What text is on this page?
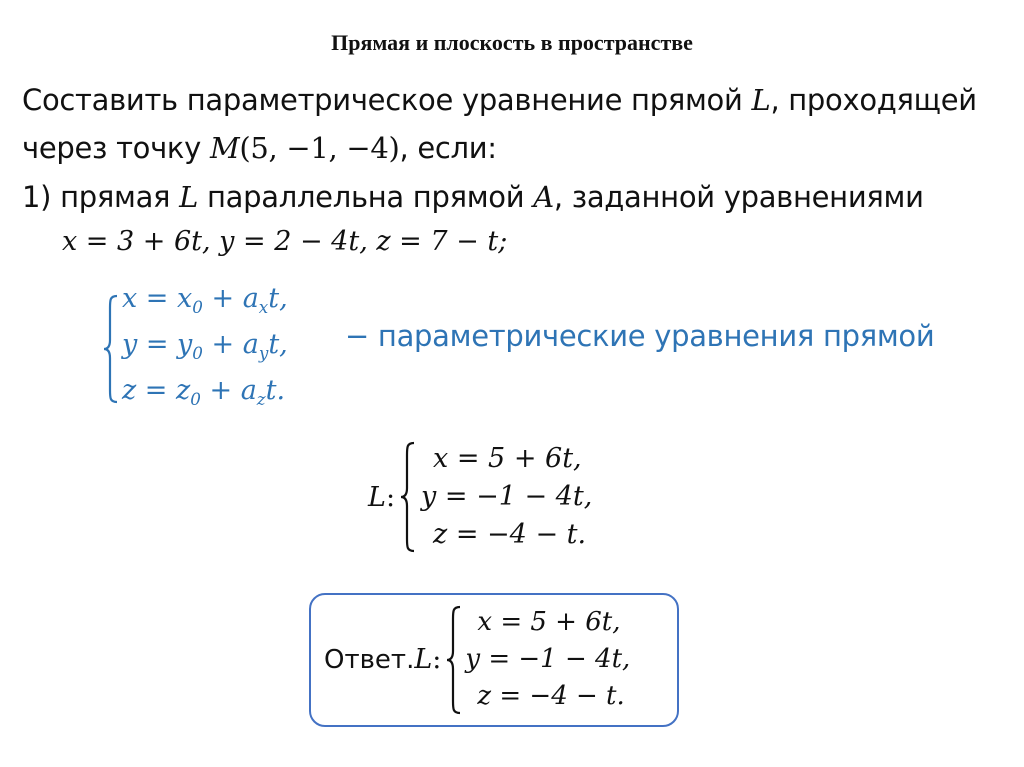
Прямая и плоскость в пространстве
Составить параметрическое уравнение прямой L, проходящей
через точку M(5, −1, −4), если:
1) прямая L параллельна прямой A, заданной уравнениями
x = 3 + 6t, y = 2 − 4t, z = 7 − t;
$x = x_0 + a_xt$,
$y = y_0 + a_yt$,
$z = z_0 + a_zt$.
− параметрические уравнения прямой
L :
x = 5 + 6t,
y = −1 − 4t,
z = −4 − t.
Ответ. L :
x = 5 + 6t,
y = −1 − 4t,
z = −4 − t.
